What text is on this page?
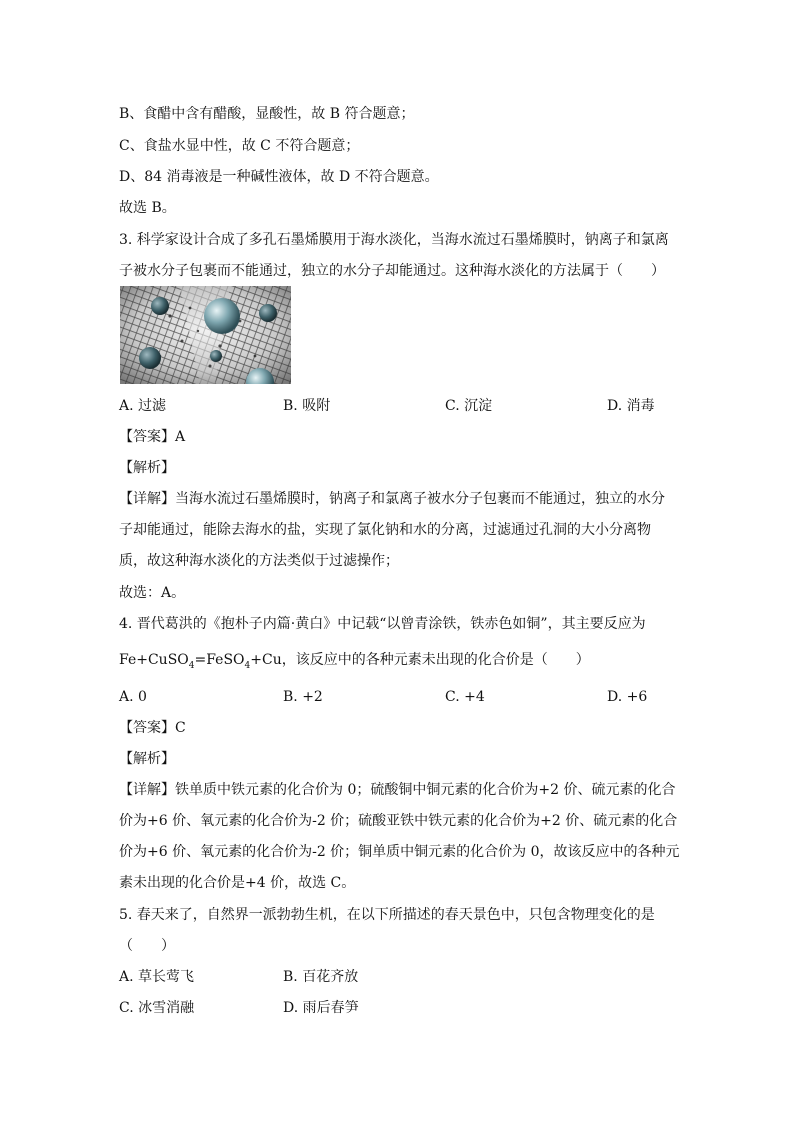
B、食醋中含有醋酸，显酸性，故 B 符合题意；
C、食盐水显中性，故 C 不符合题意；
D、84 消毒液是一种碱性液体，故 D 不符合题意。
故选 B。
3. 科学家设计合成了多孔石墨烯膜用于海水淡化，当海水流过石墨烯膜时，钠离子和氯离
子被水分子包裹而不能通过，独立的水分子却能通过。这种海水淡化的方法属于（　　）
A. 过滤	B. 吸附	C. 沉淀	D. 消毒
【答案】A
【解析】
【详解】当海水流过石墨烯膜时，钠离子和氯离子被水分子包裹而不能通过，独立的水分
子却能通过，能除去海水的盐，实现了氯化钠和水的分离，过滤通过孔洞的大小分离物
质，故这种海水淡化的方法类似于过滤操作；
故选：A。
4. 晋代葛洪的《抱朴子内篇·黄白》中记载“以曾青涂铁，铁赤色如铜”，其主要反应为
Fe+CuSO$_4$=FeSO$_4$+Cu，该反应中的各种元素未出现的化合价是（　　）
A. 0	B. +2	C. +4	D. +6
【答案】C
【解析】
【详解】铁单质中铁元素的化合价为 0；硫酸铜中铜元素的化合价为+2 价、硫元素的化合
价为+6 价、氧元素的化合价为-2 价；硫酸亚铁中铁元素的化合价为+2 价、硫元素的化合
价为+6 价、氧元素的化合价为-2 价；铜单质中铜元素的化合价为 0，故该反应中的各种元
素未出现的化合价是+4 价，故选 C。
5. 春天来了，自然界一派勃勃生机，在以下所描述的春天景色中，只包含物理变化的是
（　　）
A. 草长莺飞	B. 百花齐放
C. 冰雪消融	D. 雨后春笋
